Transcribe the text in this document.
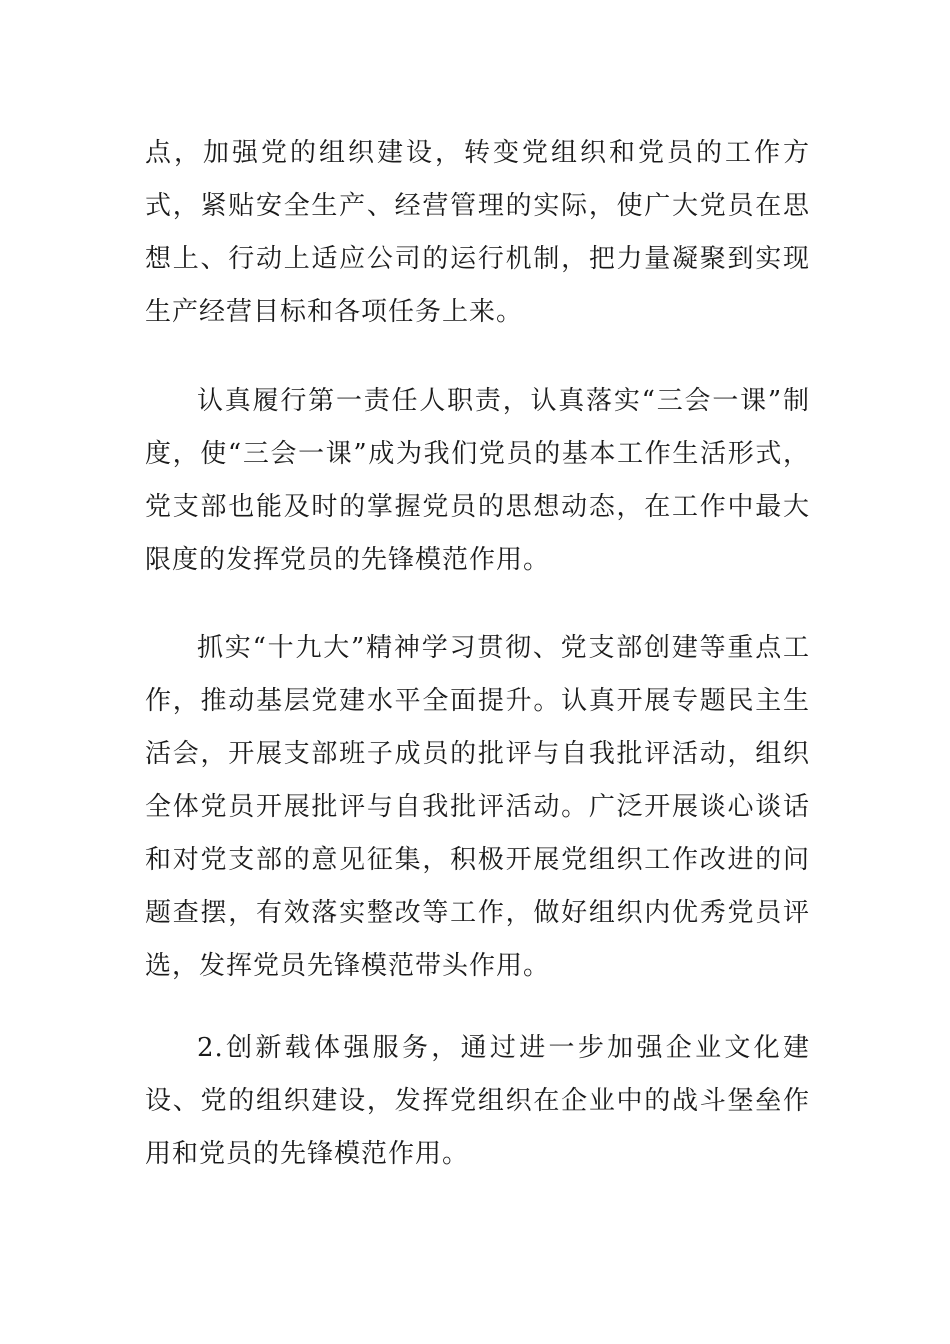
点，加强党的组织建设，转变党组织和党员的工作方式，紧贴安全生产、经营管理的实际，使广大党员在思想上、行动上适应公司的运行机制，把力量凝聚到实现生产经营目标和各项任务上来。

认真履行第一责任人职责，认真落实“三会一课”制度，使“三会一课”成为我们党员的基本工作生活形式，党支部也能及时的掌握党员的思想动态，在工作中最大限度的发挥党员的先锋模范作用。

抓实“十九大”精神学习贯彻、党支部创建等重点工作，推动基层党建水平全面提升。认真开展专题民主生活会，开展支部班子成员的批评与自我批评活动，组织全体党员开展批评与自我批评活动。广泛开展谈心谈话和对党支部的意见征集，积极开展党组织工作改进的问题查摆，有效落实整改等工作，做好组织内优秀党员评选，发挥党员先锋模范带头作用。

2.创新载体强服务，通过进一步加强企业文化建设、党的组织建设，发挥党组织在企业中的战斗堡垒作用和党员的先锋模范作用。
